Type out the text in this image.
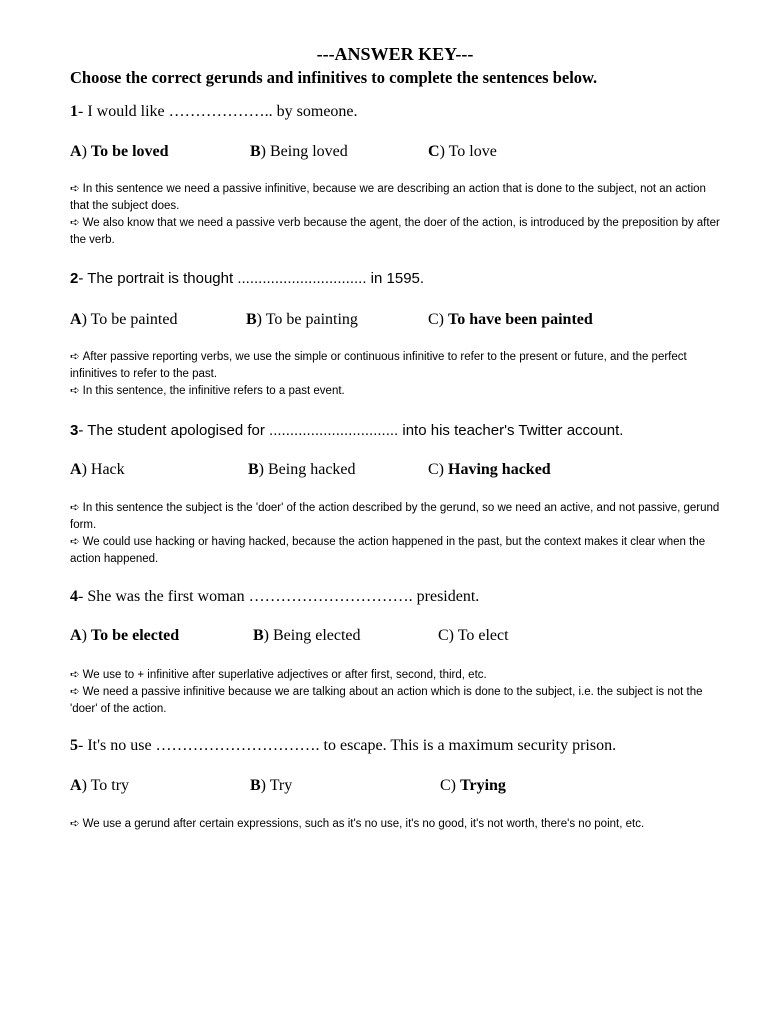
---ANSWER KEY---
Choose the correct gerunds and infinitives to complete the sentences below.
1- I would like ……………….. by someone.
A) To be loved	B) Being loved	C) To love

➪ In this sentence we need a passive infinitive, because we are describing an action that is done to the subject, not an action that the subject does.

➪ We also know that we need a passive verb because the agent, the doer of the action, is introduced by the preposition by after the verb.

2- The portrait is thought ............................... in 1595.
A) To be painted	B) To be painting	C) To have been painted

➪ After passive reporting verbs, we use the simple or continuous infinitive to refer to the present or future, and the perfect infinitives to refer to the past.

➪ In this sentence, the infinitive refers to a past event.

3- The student apologised for ............................... into his teacher's Twitter account.
A) Hack	B) Being hacked	C) Having hacked

➪ In this sentence the subject is the 'doer' of the action described by the gerund, so we need an active, and not passive, gerund form.

➪ We could use hacking or having hacked, because the action happened in the past, but the context makes it clear when the action happened.

4- She was the first woman …………………………. president.
A) To be elected	B) Being elected	C) To elect

➪ We use to + infinitive after superlative adjectives or after first, second, third, etc.

➪ We need a passive infinitive because we are talking about an action which is done to the subject, i.e. the subject is not the 'doer' of the action.

5- It's no use …………………………. to escape. This is a maximum security prison.
A) To try	B) Try	C) Trying

➪ We use a gerund after certain expressions, such as it's no use, it's no good, it's not worth, there's no point, etc.
